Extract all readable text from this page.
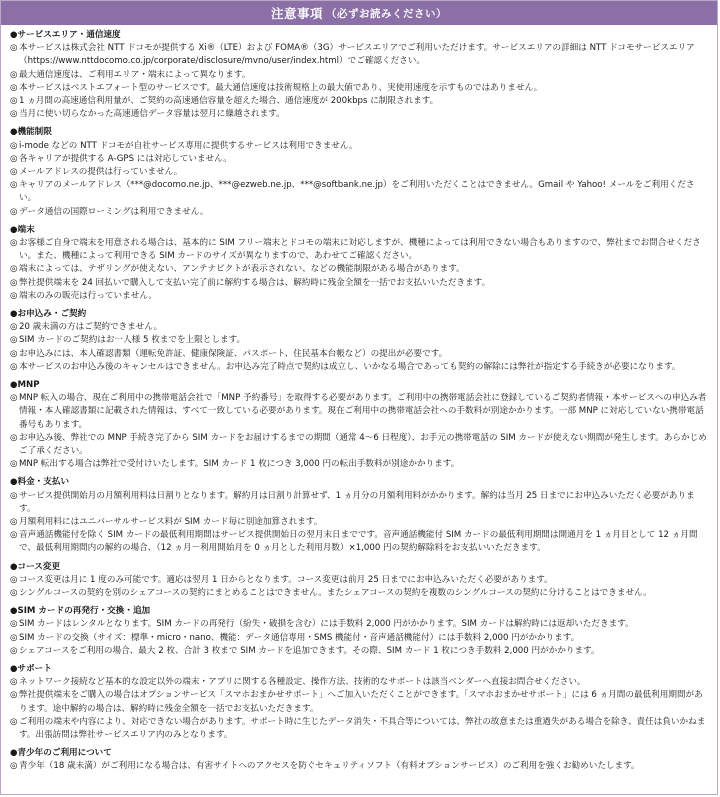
注意事項 （必ずお読みください）
●サービスエリア・通信速度
◎ 本サービスは株式会社 NTT ドコモが提供する Xi®（LTE）および FOMA®（3G）サービスエリアでご利用いただけます。サービスエリアの詳細は NTT ドコモサービスエリア（https://www.nttdocomo.co.jp/corporate/disclosure/mvno/user/index.html）でご確認ください。
◎ 最大通信速度は、ご利用エリア・端末によって異なります。
◎ 本サービスはベストエフォート型のサービスです。最大通信速度は技術規格上の最大値であり、実使用速度を示すものではありません。
◎ 1 ヵ月間の高速通信利用量が、ご契約の高速通信容量を超えた場合、通信速度が 200kbps に制限されます。
◎ 当月に使い切らなかった高速通信データ容量は翌月に繰越されます。
●機能制限
◎ i-mode などの NTT ドコモが自社サービス専用に提供するサービスは利用できません。
◎ 各キャリアが提供する A-GPS には対応していません。
◎ メールアドレスの提供は行っていません。
◎ キャリアのメールアドレス（***@docomo.ne.jp、***@ezweb.ne.jp、***@softbank.ne.jp）をご利用いただくことはできません。Gmail や Yahoo! メールをご利用ください。
◎ データ通信の国際ローミングは利用できません。
●端末
◎ お客様ご自身で端末を用意される場合は、基本的に SIM フリー端末とドコモの端末に対応しますが、機種によっては利用できない場合もありますので、弊社までお問合せください。また、機種によって利用できる SIM カードのサイズが異なりますので、あわせてご確認ください。
◎ 端末によっては、テザリングが使えない、アンテナピクトが表示されない、などの機能制限がある場合があります。
◎ 弊社提供端末を 24 回払いで購入して支払い完了前に解約する場合は、解約時に残金全額を一括でお支払いいただきます。
◎ 端末のみの販売は行っていません。
●お申込み・ご契約
◎ 20 歳未満の方はご契約できません。
◎ SIM カードのご契約はお一人様 5 枚までを上限とします。
◎ お申込みには、本人確認書類（運転免許証、健康保険証、パスポート、住民基本台帳など）の提出が必要です。
◎ 本サービスのお申込み後のキャンセルはできません。お申込み完了時点で契約は成立し、いかなる場合であっても契約の解除には弊社が指定する手続きが必要になります。
●MNP
◎ MNP 転入の場合、現在ご利用中の携帯電話会社で「MNP 予約番号」を取得する必要があります。ご利用中の携帯電話会社に登録しているご契約者情報・本サービスへの申込み者情報・本人確認書類に記載された情報は、すべて一致している必要があります。現在ご利用中の携帯電話会社への手数料が別途かかります。一部 MNP に対応していない携帯電話番号もあります。
◎ お申込み後、弊社での MNP 手続き完了から SIM カードをお届けするまでの期間（通常 4～6 日程度）、お手元の携帯電話の SIM カードが使えない期間が発生します。あらかじめご了承ください。
◎ MNP 転出する場合は弊社で受付けいたします。SIM カード 1 枚につき 3,000 円の転出手数料が別途かかります。
●料金・支払い
◎ サービス提供開始月の月額利用料は日割りとなります。解約月は日割り計算せず、1 ヵ月分の月額利用料がかかります。解約は当月 25 日までにお申込みいただく必要があります。
◎ 月額利用料にはユニバーサルサービス料が SIM カード毎に別途加算されます。
◎ 音声通話機能付を除く SIM カードの最低利用期間はサービス提供開始日の翌月末日までです。音声通話機能付 SIM カードの最低利用期間は開通月を 1 ヵ月目として 12 ヵ月間で、最低利用期間内の解約の場合、（12 ヵ月－利用開始月を 0 ヵ月とした利用月数）×1,000 円の契約解除料をお支払いいただきます。
●コース変更
◎ コース変更は月に 1 度のみ可能です。適応は翌月 1 日からとなります。コース変更は前月 25 日までにお申込みいただく必要があります。
◎ シングルコースの契約を別のシェアコースの契約にまとめることはできません。またシェアコースの契約を複数のシングルコースの契約に分けることはできません。
●SIM カードの再発行・交換・追加
◎ SIM カードはレンタルとなります。SIM カードの再発行（紛失・破損を含む）には手数料 2,000 円がかかります。SIM カードは解約時には返却いただきます。
◎ SIM カードの交換（サイズ：標準・micro・nano、機能：データ通信専用・SMS 機能付・音声通話機能付）には手数料 2,000 円がかかります。
◎ シェアコースをご利用の場合、最大 2 枚、合計 3 枚まで SIM カードを追加できます。その際、SIM カード 1 枚につき手数料 2,000 円がかかります。
●サポート
◎ ネットワーク接続など基本的な設定以外の端末・アプリに関する各種設定、操作方法、技術的なサポートは該当ベンダーへ直接お問合せください。
◎ 弊社提供端末をご購入の場合はオプションサービス「スマホおまかせサポート」へご加入いただくことができます。「スマホおまかせサポート」には 6 ヵ月間の最低利用期間があります。途中解約の場合は、解約時に残金全額を一括でお支払いただきます。
◎ ご利用の端末や内容により、対応できない場合があります。サポート時に生じたデータ消失・不具合等については、弊社の故意または重過失がある場合を除き、責任は負いかねます。出張訪問は弊社サービスエリア内のみとなります。
●青少年のご利用について
◎ 青少年（18 歳未満）がご利用になる場合は、有害サイトへのアクセスを防ぐセキュリティソフト（有料オプションサービス）のご利用を強くお勧めいたします。
